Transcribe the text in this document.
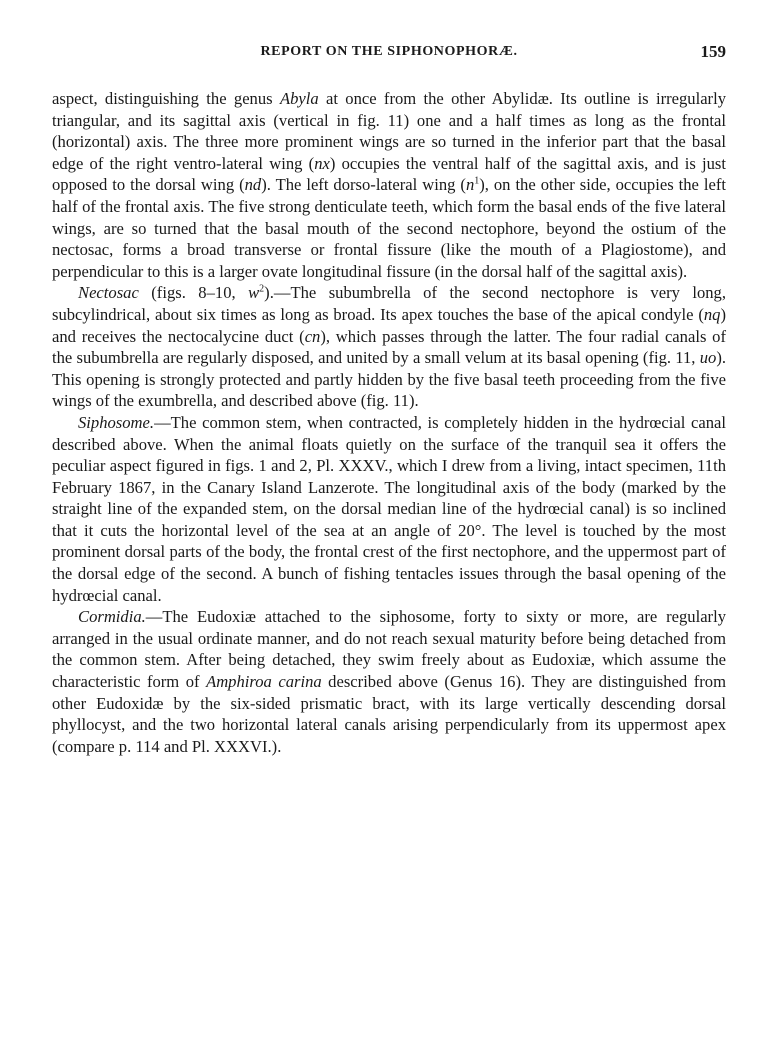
REPORT ON THE SIPHONOPHORÆ.	159

aspect, distinguishing the genus Abyla at once from the other Abylidæ. Its outline is irregularly triangular, and its sagittal axis (vertical in fig. 11) one and a half times as long as the frontal (horizontal) axis. The three more prominent wings are so turned in the inferior part that the basal edge of the right ventro-lateral wing (nx) occupies the ventral half of the sagittal axis, and is just opposed to the dorsal wing (nd). The left dorso-lateral wing $(n^1)$, on the other side, occupies the left half of the frontal axis. The five strong denticulate teeth, which form the basal ends of the five lateral wings, are so turned that the basal mouth of the second nectophore, beyond the ostium of the nectosac, forms a broad transverse or frontal fissure (like the mouth of a Plagiostome), and perpendicular to this is a larger ovate longitudinal fissure (in the dorsal half of the sagittal axis).

Nectosac (figs. 8–10, $w^2).—The$ subumbrella of the second nectophore is very long, subcylindrical, about six times as long as broad. Its apex touches the base of the apical condyle (nq) and receives the nectocalycine duct (cn), which passes through the latter. The four radial canals of the subumbrella are regularly disposed, and united by a small velum at its basal opening (fig. 11, uo). This opening is strongly protected and partly hidden by the five basal teeth proceeding from the five wings of the exumbrella, and described above (fig. 11).

Siphosome.—The common stem, when contracted, is completely hidden in the hydrœcial canal described above. When the animal floats quietly on the surface of the tranquil sea it offers the peculiar aspect figured in figs. 1 and 2, Pl. XXXV., which I drew from a living, intact specimen, 11th February 1867, in the Canary Island Lanzerote. The longitudinal axis of the body (marked by the straight line of the expanded stem, on the dorsal median line of the hydrœcial canal) is so inclined that it cuts the horizontal level of the sea at an angle of 20°. The level is touched by the most prominent dorsal parts of the body, the frontal crest of the first nectophore, and the uppermost part of the dorsal edge of the second. A bunch of fishing tentacles issues through the basal opening of the hydrœcial canal.

Cormidia.—The Eudoxiæ attached to the siphosome, forty to sixty or more, are regularly arranged in the usual ordinate manner, and do not reach sexual maturity before being detached from the common stem. After being detached, they swim freely about as Eudoxiæ, which assume the characteristic form of Amphiroa carina described above (Genus 16). They are distinguished from other Eudoxidæ by the six-sided prismatic bract, with its large vertically descending dorsal phyllocyst, and the two horizontal lateral canals arising perpendicularly from its uppermost apex (compare p. 114 and Pl. XXXVI.).
